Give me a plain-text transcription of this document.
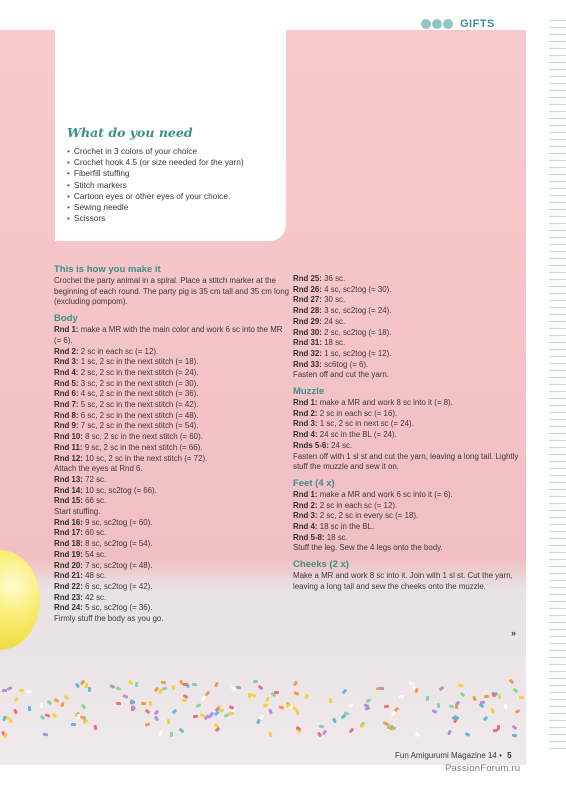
GIFTS
What do you need
• Crochet in 3 colors of your choice
• Crochet hook 4.5 (or size needed for the yarn)
• Fiberfill stuffing
• Stitch markers
• Cartoon eyes or other eyes of your choice.
• Sewing needle
• Scissors
This is how you make it

Crochet the party animal in a spiral. Place a stitch marker at the beginning of each round. The party pig is 35 cm tall and 35 cm long (excluding pompom).

Body

Rnd 1: make a MR with the main color and work 6 sc into the MR (= 6).

Rnd 2: 2 sc in each sc (= 12).

Rnd 3: 1 sc, 2 sc in the next stitch (= 18).

Rnd 4: 2 sc, 2 sc in the next stitch (= 24).

Rnd 5: 3 sc, 2 sc in the next stitch (= 30).

Rnd 6: 4 sc, 2 sc in the next stitch (= 36).

Rnd 7: 5 sc, 2 sc in the next stitch (= 42).

Rnd 8: 6 sc, 2 sc in the next stitch (= 48).

Rnd 9: 7 sc, 2 sc in the next stitch (= 54).

Rnd 10: 8 sc, 2 sc in the next stitch (= 60).

Rnd 11: 9 sc, 2 sc in the next stitch (= 66).

Rnd 12: 10 sc, 2 sc in the next stitch (= 72).

Attach the eyes at Rnd 6.

Rnd 13: 72 sc.

Rnd 14: 10 sc, sc2tog (= 66).

Rnd 15: 66 sc.

Start stuffing.

Rnd 16: 9 sc, sc2tog (= 60).

Rnd 17: 60 sc.

Rnd 18: 8 sc, sc2tog (= 54).

Rnd 19: 54 sc.

Rnd 20: 7 sc, sc2tog (= 48).

Rnd 21: 48 sc.

Rnd 22: 6 sc, sc2tog (= 42).

Rnd 23: 42 sc.

Rnd 24: 5 sc, sc2tog (= 36).

Firmly stuff the body as you go.

Rnd 25: 36 sc.

Rnd 26: 4 sc, sc2tog (= 30).

Rnd 27: 30 sc.

Rnd 28: 3 sc, sc2tog (= 24).

Rnd 29: 24 sc.

Rnd 30: 2 sc, sc2tog (= 18).

Rnd 31: 18 sc.

Rnd 32: 1 sc, sc2tog (= 12).

Rnd 33: sc6tog (= 6).

Fasten off and cut the yarn.

Muzzle

Rnd 1: make a MR and work 8 sc into it (= 8).

Rnd 2: 2 sc in each sc (= 16).

Rnd 3: 1 sc, 2 sc in next sc (= 24).

Rnd 4: 24 sc in the BL (= 24).

Rnds 5-6: 24 sc.

Fasten off with 1 sl st and cut the yarn, leaving a long tail. Lightly stuff the muzzle and sew it on.

Feet (4 x)

Rnd 1: make a MR and work 6 sc into it (= 6).

Rnd 2: 2 sc in each sc (= 12).

Rnd 3: 2 sc, 2 sc in every sc (= 18).

Rnd 4: 18 sc in the BL.

Rnd 5-8: 18 sc.

Stuff the leg. Sew the 4 legs onto the body.

Cheeks (2 x)

Make a MR and work 8 sc into it. Join with 1 sl st. Cut the yarn, leaving a long tail and sew the cheeks onto the muzzle.

»
Fun Amigurumi Magazine 14 • 5
PassionForum.ru
